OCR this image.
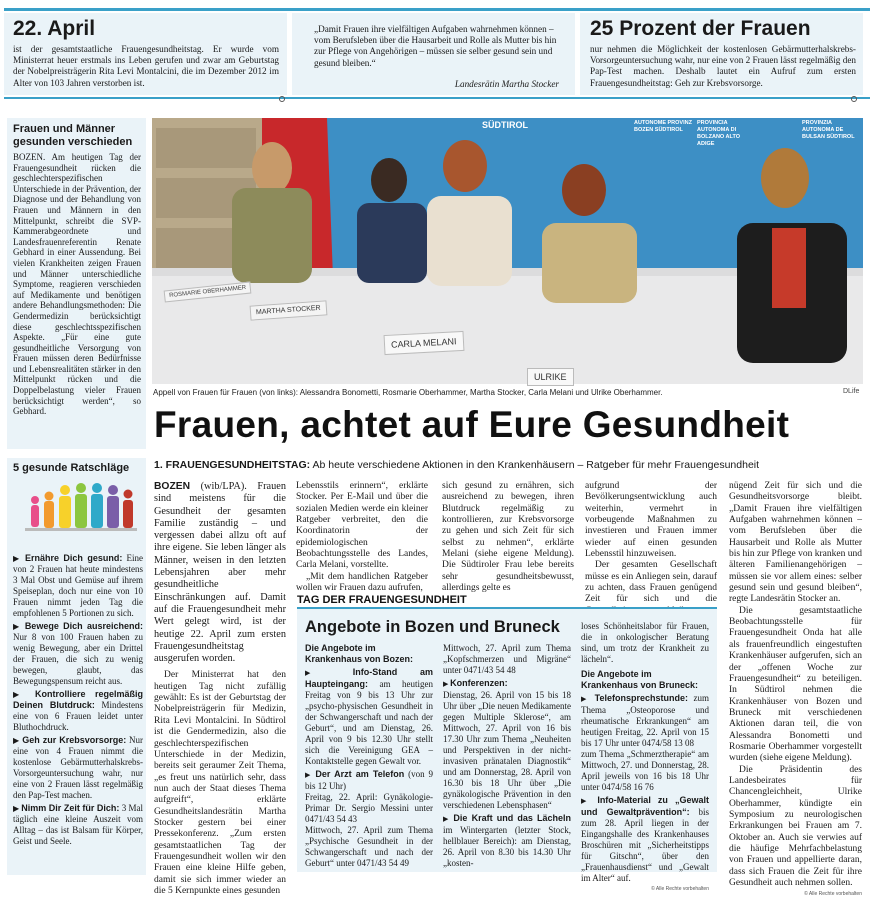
22. April
ist der gesamtstaatliche Frauengesundheitstag. Er wurde vom Ministerrat heuer erstmals ins Leben gerufen und zwar am Geburtstag der Nobelpreisträgerin Rita Levi Montalcini, die im Dezember 2012 im Alter von 103 Jahren verstorben ist.
„Damit Frauen ihre vielfältigen Aufgaben wahrnehmen können – vom Berufsleben über die Hausarbeit und Rolle als Mutter bis hin zur Pflege von Angehörigen – müssen sie selber gesund sein und gesund bleiben.“
Landesrätin Martha Stocker
25 Prozent der Frauen
nur nehmen die Möglichkeit der kostenlosen Gebärmutterhalskrebs-Vorsorgeuntersuchung wahr, nur eine von 2 Frauen lässt regelmäßig den Pap-Test machen. Deshalb lautet ein Aufruf zum ersten Frauengesundheitstag: Geh zur Krebsvorsorge.
Frauen und Männer gesunden verschieden
BOZEN. Am heutigen Tag der Frauengesundheit rücken die geschlechterspezifischen Unterschiede in der Prävention, der Diagnose und der Behandlung von Frauen und Männern in den Mittelpunkt, schreibt die SVP-Kammerabgeordnete und Landesfrauenreferentin Renate Gebhard in einer Aussendung. Bei vielen Krankheiten zeigen Frauen und Männer unterschiedliche Symptome, reagieren verschieden auf Medikamente und benötigen andere Behandlungsmethoden: Die Gendermedizin berücksichtigt diese geschlechtsspezifischen Aspekte. „Für eine gute gesundheitliche Versorgung von Frauen müssen deren Bedürfnisse und Lebensrealitäten stärker in den Mittelpunkt rücken und die Doppelbelastung vieler Frauen berücksichtigt werden“, so Gebhard.
5 gesunde Ratschläge
▶ Ernähre Dich gesund: Eine von 2 Frauen hat heute mindestens 3 Mal Obst und Gemüse auf ihrem Speiseplan, doch nur eine von 10 Frauen nimmt jeden Tag die empfohlenen 5 Portionen zu sich.
▶ Bewege Dich ausreichend: Nur 8 von 100 Frauen haben zu wenig Bewegung, aber ein Drittel der Frauen, die sich zu wenig bewegen, glaubt, das Bewegungspensum reicht aus.
▶ Kontrolliere regelmäßig Deinen Blutdruck: Mindestens eine von 6 Frauen leidet unter Bluthochdruck.
▶ Geh zur Krebsvorsorge: Nur eine von 4 Frauen nimmt die kostenlose Gebärmutterhalskrebs-Vorsorgeuntersuchung wahr, nur eine von 2 Frauen lässt regelmäßig den Pap-Test machen.
▶ Nimm Dir Zeit für Dich: 3 Mal täglich eine kleine Auszeit vom Alltag – das ist Balsam für Körper, Geist und Seele.
SÜDTIROL	AUTONOME PROVINZ BOZEN SÜDTIROL
PROVINCIA AUTONOMA DI BOLZANO ALTO ADIGE
PROVINZIA AUTONOMA DE BULSAN SÜDTIROL
ROSMARIE OBERHAMMER
MARTHA STOCKER
CARLA MELANI
ULRIKE
Appell von Frauen für Frauen (von links): Alessandra Bonometti, Rosmarie Oberhammer, Martha Stocker, Carla Melani und Ulrike Oberhammer.	DLife
Frauen, achtet auf Eure Gesundheit
1. FRAUENGESUNDHEITSTAG: Ab heute verschiedene Aktionen in den Krankenhäusern – Ratgeber für mehr Frauengesundheit

BOZEN (wib/LPA). Frauen sind meistens für die Gesundheit der gesamten Familie zuständig – und vergessen dabei allzu oft auf ihre eigene. Sie leben länger als Männer, weisen in den letzten Lebensjahren aber mehr gesundheitliche Einschränkungen auf. Damit auf die Frauengesundheit mehr Wert gelegt wird, ist der heutige 22. April zum ersten Frauengesundheitstag ausgerufen worden.

Der Ministerrat hat den heutigen Tag nicht zufällig gewählt: Es ist der Geburtstag der Nobelpreisträgerin für Medizin, Rita Levi Montalcini. In Südtirol ist die Gendermedizin, also die geschlechterspezifischen Unterschiede in der Medizin, bereits seit geraumer Zeit Thema, „es freut uns natürlich sehr, dass nun auch der Staat dieses Thema aufgreift“, erklärte Gesundheitslandesrätin Martha Stocker gestern bei einer Pressekonferenz. „Zum ersten gesamtstaatlichen Tag der Frauengesundheit wollen wir den Frauen eine kleine Hilfe geben, damit sie sich immer wieder an die 5 Kernpunkte eines gesunden

Lebensstils erinnern“, erklärte Stocker. Per E-Mail und über die sozialen Medien werde ein kleiner Ratgeber verbreitet, den die Koordinatorin der epidemiologischen Beobachtungsstelle des Landes, Carla Melani, vorstellte.

„Mit dem handlichen Ratgeber wollen wir Frauen dazu aufrufen,

sich gesund zu ernähren, sich ausreichend zu bewegen, ihren Blutdruck regelmäßig zu kontrollieren, zur Krebsvorsorge zu gehen und sich Zeit für sich selbst zu nehmen“, erklärte Melani (siehe eigene Meldung). Die Südtiroler Frau lebe bereits sehr gesundheitsbewusst, allerdings gelte es

aufgrund der Bevölkerungsentwicklung auch weiterhin, vermehrt in vorbeugende Maßnahmen zu investieren und Frauen immer wieder auf einen gesunden Lebensstil hinzuweisen.

Der gesamten Gesellschaft müsse es ein Anliegen sein, darauf zu achten, dass Frauen genügend Zeit für sich und die

nügend Zeit für sich und die Gesundheitsvorsorge bleibt. „Damit Frauen ihre vielfältigen Aufgaben wahrnehmen können – vom Berufsleben über die Hausarbeit und Rolle als Mutter bis hin zur Pflege von kranken und älteren Familienangehörigen – müssen sie vor allem eines: selber gesund sein und gesund bleiben“, regte Landesrätin Stocker an.

Die gesamtstaatliche Beobachtungsstelle für Frauengesundheit Onda hat alle als frauenfreundlich eingestuften Krankenhäuser aufgerufen, sich an der „offenen Woche zur Frauengesundheit“ zu beteiligen. In Südtirol nehmen die Krankenhäuser von Bozen und Bruneck mit verschiedenen Aktionen daran teil, die von Alessandra Bonometti und Rosmarie Oberhammer vorgestellt wurden (siehe eigene Meldung).

Die Präsidentin des Landesbeirates für Chancengleichheit, Ulrike Oberhammer, kündigte ein Symposium zu neurologischen Erkrankungen bei Frauen am 7. Oktober an. Auch sie verwies auf die häufige Mehrfachbelastung von Frauen und appellierte daran, dass sich Frauen die Zeit für ihre Gesundheit auch nehmen sollen.

© Alle Rechte vorbehalten
TAG DER FRAUENGESUNDHEIT
Angebote in Bozen und Bruneck
Die Angebote im Krankenhaus von Bozen:
▶ Info-Stand am Haupteingang: am heutigen Freitag von 9 bis 13 Uhr zur „psycho-physischen Gesundheit in der Schwangerschaft und nach der Geburt“, und am Dienstag, 26. April von 9 bis 12.30 Uhr stellt sich die Vereinigung GEA – Kontaktstelle gegen Gewalt vor.
▶ Der Arzt am Telefon (von 9 bis 12 Uhr)
Freitag, 22. April: Gynäkologie-Primar Dr. Sergio Messini unter 0471/43 54 43
Mittwoch, 27. April zum Thema „Psychische Gesundheit in der Schwangerschaft und nach der Geburt“ unter 0471/43 54 49
Mittwoch, 27. April zum Thema „Kopfschmerzen und Migräne“ unter 0471/43 54 48
▶ Konferenzen:
Dienstag, 26. April von 15 bis 18 Uhr über „Die neuen Medikamente gegen Multiple Sklerose“, am Mittwoch, 27. April von 16 bis 17.30 Uhr zum Thema „Neuheiten und Perspektiven in der nicht-invasiven pränatalen Diagnostik“ und am Donnerstag, 28. April von 16.30 bis 18 Uhr über „Die gynäkologische Prävention in den verschiedenen Lebensphasen“
▶ Die Kraft und das Lächeln im Wintergarten (letzter Stock, hellblauer Bereich): am Dienstag, 26. April von 8.30 bis 14.30 Uhr „kosten-
loses Schönheitslabor für Frauen, die in onkologischer Beratung sind, um trotz der Krankheit zu lächeln“.
Die Angebote im Krankenhaus von Bruneck:
▶ Telefonsprechstunde: zum Thema „Osteoporose und rheumatische Erkrankungen“ am heutigen Freitag, 22. April von 15 bis 17 Uhr unter 0474/58 13 08
zum Thema „Schmerztherapie“ am Mittwoch, 27. und Donnerstag, 28. April jeweils von 16 bis 18 Uhr unter 0474/58 16 76
▶ Info-Material zu „Gewalt und Gewaltprävention“: bis zum 28. April liegen in der Eingangshalle des Krankenhauses Broschüren mit „Sicherheitstipps für Gitschn“, über den „Frauenhausdienst“ und „Gewalt im Alter“ auf.
© Alle Rechte vorbehalten
